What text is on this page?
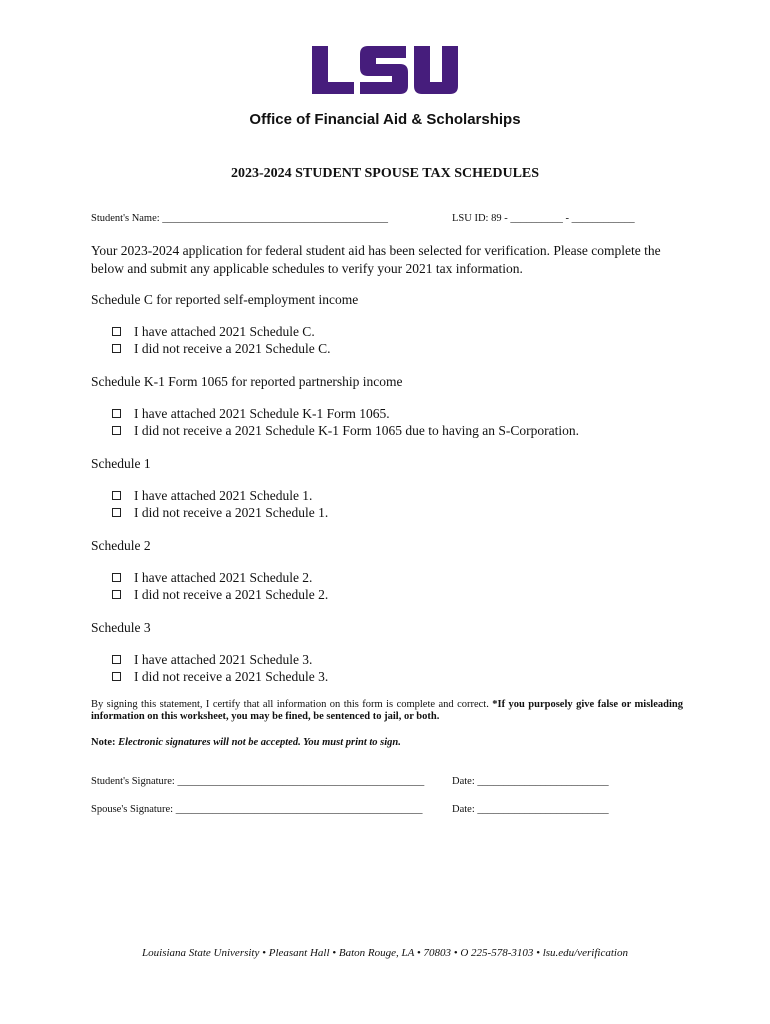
Office of Financial Aid & Scholarships
2023-2024 STUDENT SPOUSE TAX SCHEDULES
Student's Name: ___________________________________________	LSU ID: 89 - __________ - ____________
Your 2023-2024 application for federal student aid has been selected for verification. Please complete the below and submit any applicable schedules to verify your 2021 tax information.

Schedule C for reported self-employment income

I have attached 2021 Schedule C.
I did not receive a 2021 Schedule C.

Schedule K-1 Form 1065 for reported partnership income

I have attached 2021 Schedule K-1 Form 1065.
I did not receive a 2021 Schedule K-1 Form 1065 due to having an S-Corporation.

Schedule 1

I have attached 2021 Schedule 1.
I did not receive a 2021 Schedule 1.

Schedule 2

I have attached 2021 Schedule 2.
I did not receive a 2021 Schedule 2.

Schedule 3

I have attached 2021 Schedule 3.
I did not receive a 2021 Schedule 3.
By signing this statement, I certify that all information on this form is complete and correct. *If you purposely give false or misleading information on this worksheet, you may be fined, be sentenced to jail, or both.
Note: Electronic signatures will not be accepted. You must print to sign.
Student's Signature: _______________________________________________	Date: _________________________
Spouse's Signature: _______________________________________________	Date: _________________________
Louisiana State University • Pleasant Hall • Baton Rouge, LA • 70803 • O 225-578-3103 • lsu.edu/verification
